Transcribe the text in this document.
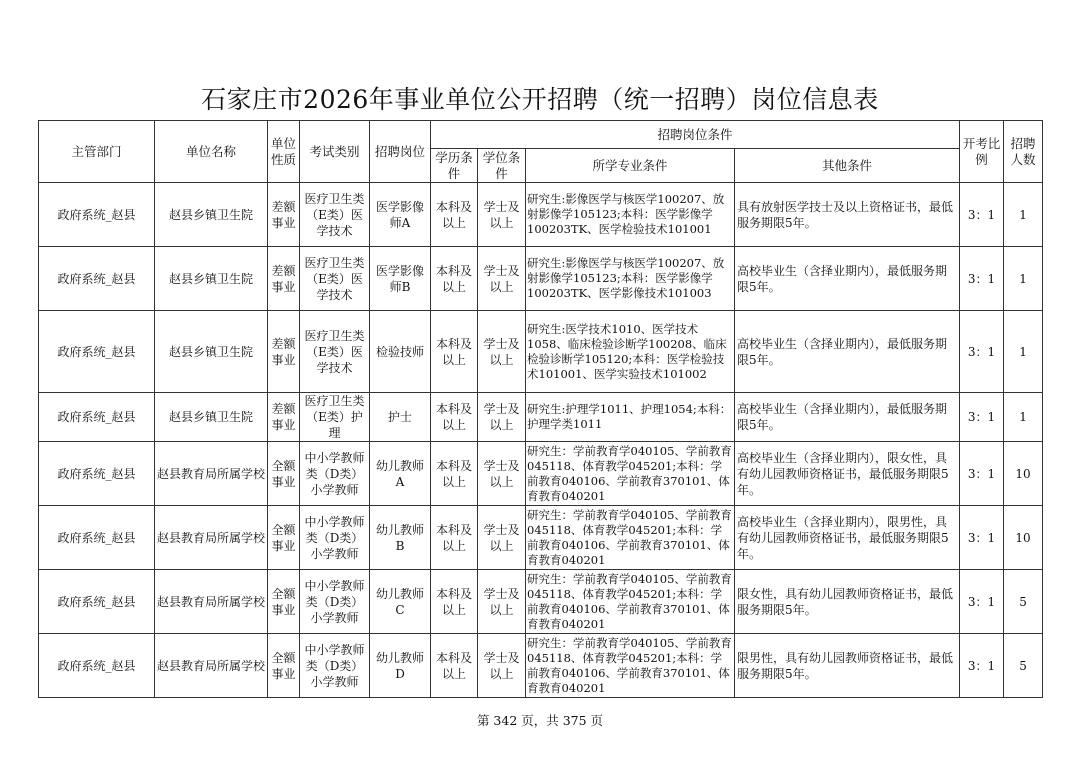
石家庄市2026年事业单位公开招聘（统一招聘）岗位信息表
主管部门	单位名称	单位性质	考试类别	招聘岗位	招聘岗位条件				开考比例	招聘人数
					学历条件	学位条件	所学专业条件	其他条件		
政府系统_赵县	赵县乡镇卫生院	差额事业	医疗卫生类（E类）医学技术	医学影像师A	本科及以上	学士及以上	研究生:影像医学与核医学100207、放射影像学105123;本科：医学影像学100203TK、医学检验技术101001	具有放射医学技士及以上资格证书，最低服务期限5年。	3：1	1
政府系统_赵县	赵县乡镇卫生院	差额事业	医疗卫生类（E类）医学技术	医学影像师B	本科及以上	学士及以上	研究生:影像医学与核医学100207、放射影像学105123;本科：医学影像学100203TK、医学影像技术101003	高校毕业生（含择业期内），最低服务期限5年。	3：1	1
政府系统_赵县	赵县乡镇卫生院	差额事业	医疗卫生类（E类）医学技术	检验技师	本科及以上	学士及以上	研究生:医学技术1010、医学技术1058、临床检验诊断学100208、临床检验诊断学105120;本科：医学检验技术101001、医学实验技术101002	高校毕业生（含择业期内），最低服务期限5年。	3：1	1
政府系统_赵县	赵县乡镇卫生院	差额事业	医疗卫生类（E类）护理	护士	本科及以上	学士及以上	研究生:护理学1011、护理1054;本科：护理学类1011	高校毕业生（含择业期内），最低服务期限5年。	3：1	1
政府系统_赵县	赵县教育局所属学校	全额事业	中小学教师类（D类）小学教师	幼儿教师A	本科及以上	学士及以上	研究生：学前教育学040105、学前教育045118、体育教学045201;本科：学前教育040106、学前教育370101、体育教育040201	高校毕业生（含择业期内），限女性，具有幼儿园教师资格证书，最低服务期限5年。	3：1	10
政府系统_赵县	赵县教育局所属学校	全额事业	中小学教师类（D类）小学教师	幼儿教师B	本科及以上	学士及以上	研究生：学前教育学040105、学前教育045118、体育教学045201;本科：学前教育040106、学前教育370101、体育教育040201	高校毕业生（含择业期内），限男性，具有幼儿园教师资格证书，最低服务期限5年。	3：1	10
政府系统_赵县	赵县教育局所属学校	全额事业	中小学教师类（D类）小学教师	幼儿教师C	本科及以上	学士及以上	研究生：学前教育学040105、学前教育045118、体育教学045201;本科：学前教育040106、学前教育370101、体育教育040201	限女性，具有幼儿园教师资格证书，最低服务期限5年。	3：1	5
政府系统_赵县	赵县教育局所属学校	全额事业	中小学教师类（D类）小学教师	幼儿教师D	本科及以上	学士及以上	研究生：学前教育学040105、学前教育045118、体育教学045201;本科：学前教育040106、学前教育370101、体育教育040201	限男性，具有幼儿园教师资格证书，最低服务期限5年。	3：1	5
第 342 页，共 375 页
